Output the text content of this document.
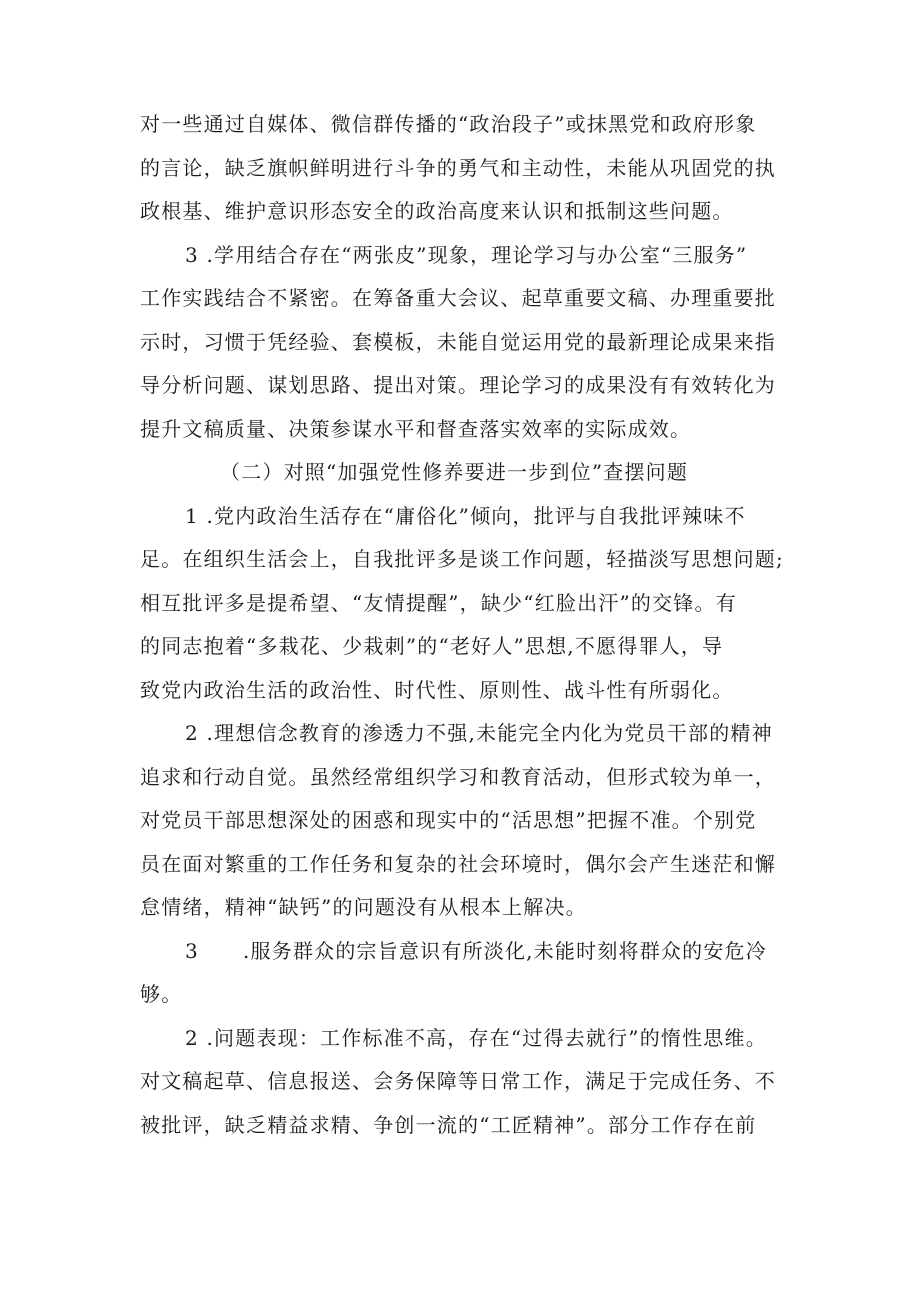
对一些通过自媒体、微信群传播的“政治段子”或抹黑党和政府形象
的言论，缺乏旗帜鲜明进行斗争的勇气和主动性，未能从巩固党的执
政根基、维护意识形态安全的政治高度来认识和抵制这些问题。
3 .学用结合存在“两张皮”现象，理论学习与办公室“三服务”
工作实践结合不紧密。在筹备重大会议、起草重要文稿、办理重要批
示时，习惯于凭经验、套模板，未能自觉运用党的最新理论成果来指
导分析问题、谋划思路、提出对策。理论学习的成果没有有效转化为
提升文稿质量、决策参谋水平和督查落实效率的实际成效。
（二）对照“加强党性修养要进一步到位”查摆问题
1 .党内政治生活存在“庸俗化”倾向，批评与自我批评辣味不
足。在组织生活会上，自我批评多是谈工作问题，轻描淡写思想问题;
相互批评多是提希望、“友情提醒”，缺少“红脸出汗”的交锋。有
的同志抱着“多栽花、少栽刺”的“老好人”思想,不愿得罪人，导
致党内政治生活的政治性、时代性、原则性、战斗性有所弱化。
2 .理想信念教育的渗透力不强,未能完全内化为党员干部的精神
追求和行动自觉。虽然经常组织学习和教育活动，但形式较为单一，
对党员干部思想深处的困惑和现实中的“活思想”把握不准。个别党
员在面对繁重的工作任务和复杂的社会环境时，偶尔会产生迷茫和懈
怠情绪，精神“缺钙”的问题没有从根本上解决。
3 .服务群众的宗旨意识有所淡化,未能时刻将群众的安危冷
够。
2 .问题表现：工作标准不高，存在“过得去就行”的惰性思维。
对文稿起草、信息报送、会务保障等日常工作，满足于完成任务、不
被批评，缺乏精益求精、争创一流的“工匠精神”。部分工作存在前
